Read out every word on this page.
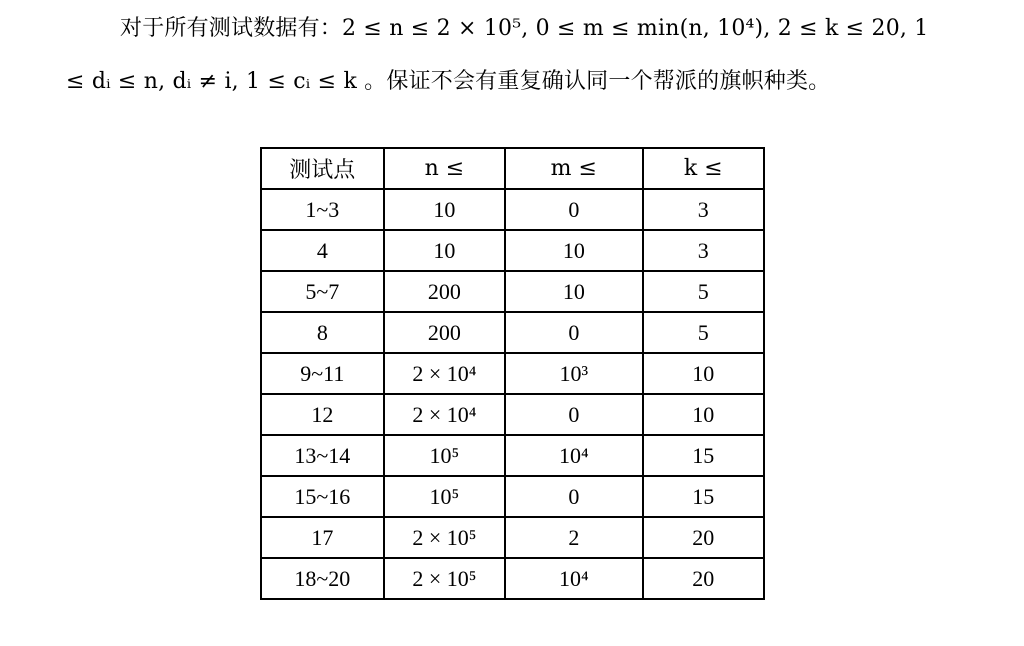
对于所有测试数据有：2 ≤ n ≤ 2 × 10⁵, 0 ≤ m ≤ min(n, 10⁴), 2 ≤ k ≤ 20, 1 ≤ dᵢ ≤ n, dᵢ ≠ i, 1 ≤ cᵢ ≤ k 。保证不会有重复确认同一个帮派的旗帜种类。

测试点	n ≤	m ≤	k ≤
1~3	10	0	3
4	10	10	3
5~7	200	10	5
8	200	0	5
9~11	2 × 10⁴	10³	10
12	2 × 10⁴	0	10
13~14	10⁵	10⁴	15
15~16	10⁵	0	15
17	2 × 10⁵	2	20
18~20	2 × 10⁵	10⁴	20
